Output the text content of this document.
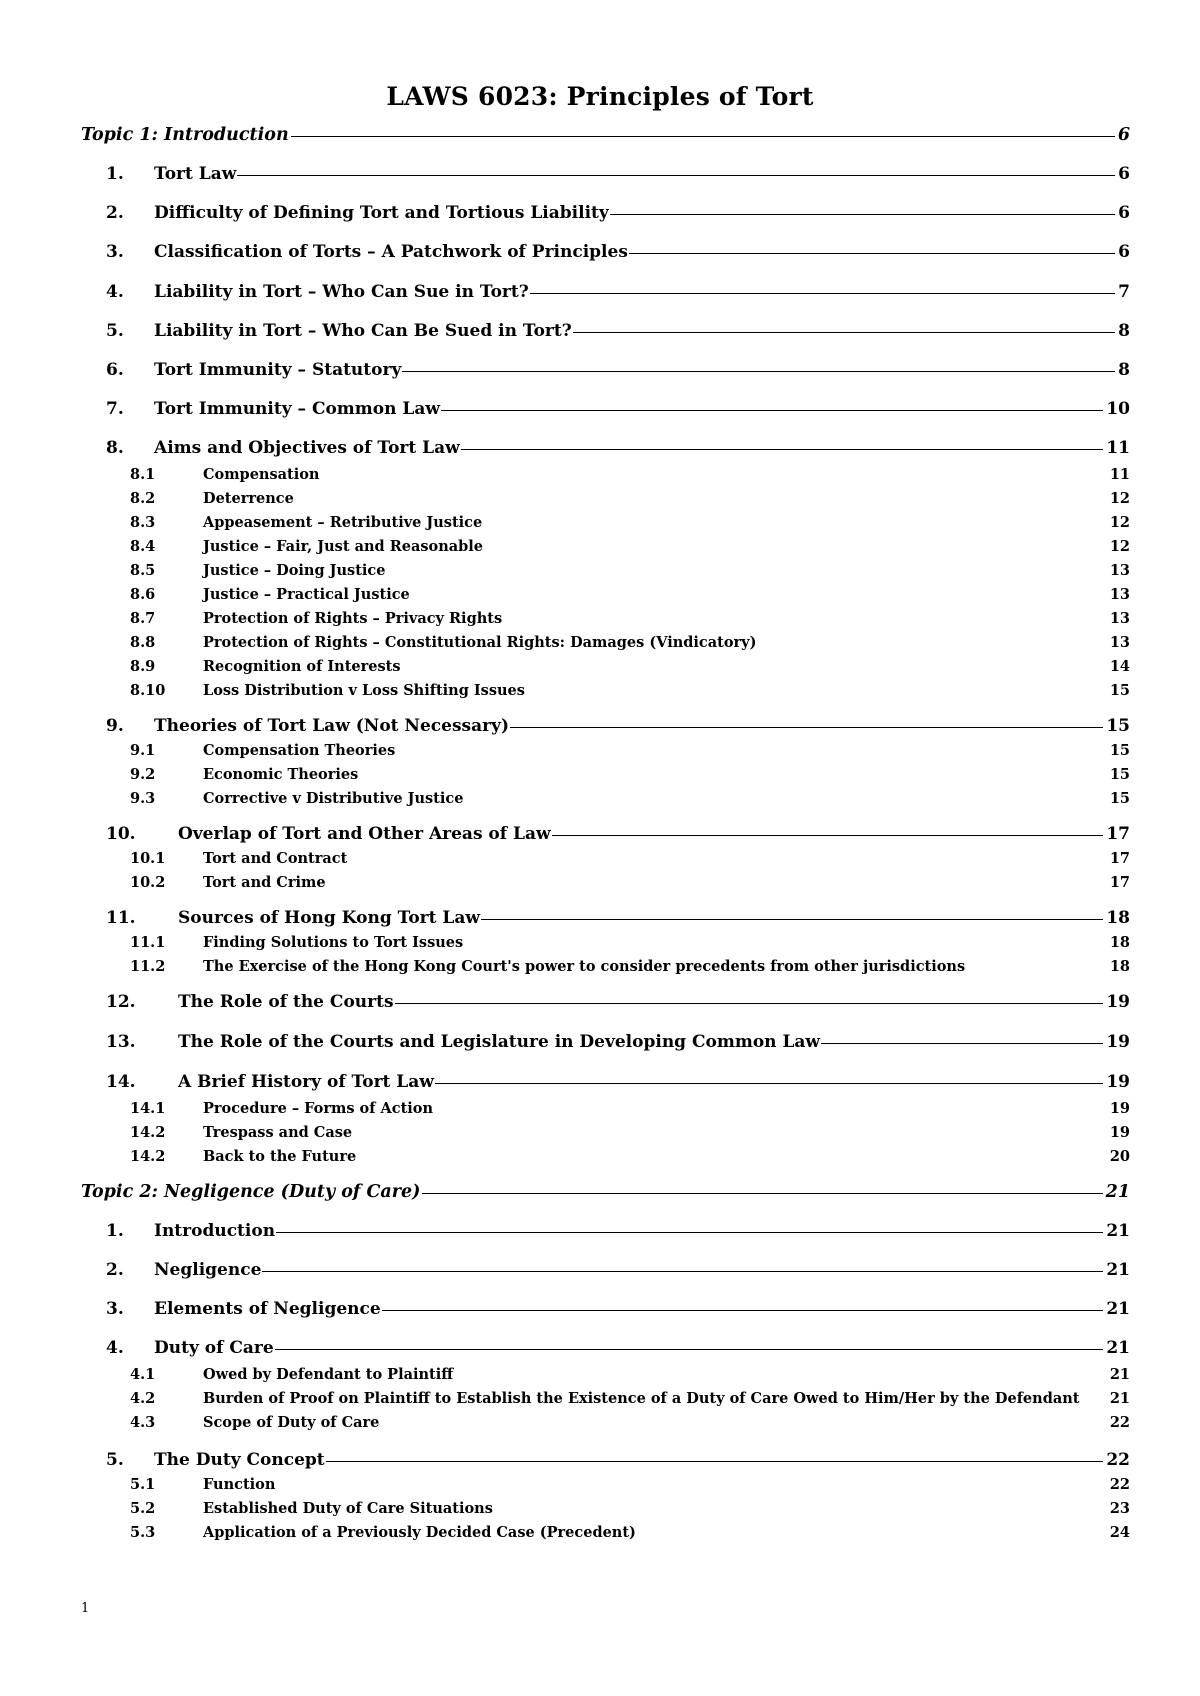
LAWS 6023: Principles of Tort
Topic 1: Introduction	6
1.	Tort Law	6
2.	Difficulty of Defining Tort and Tortious Liability	6
3.	Classification of Torts – A Patchwork of Principles	6
4.	Liability in Tort – Who Can Sue in Tort?	7
5.	Liability in Tort – Who Can Be Sued in Tort?	8
6.	Tort Immunity – Statutory	8
7.	Tort Immunity – Common Law	10
8.	Aims and Objectives of Tort Law	11
8.1	Compensation	11
8.2	Deterrence	12
8.3	Appeasement – Retributive Justice	12
8.4	Justice – Fair, Just and Reasonable	12
8.5	Justice – Doing Justice	13
8.6	Justice – Practical Justice	13
8.7	Protection of Rights – Privacy Rights	13
8.8	Protection of Rights – Constitutional Rights: Damages (Vindicatory)	13
8.9	Recognition of Interests	14
8.10	Loss Distribution v Loss Shifting Issues	15
9.	Theories of Tort Law (Not Necessary)	15
9.1	Compensation Theories	15
9.2	Economic Theories	15
9.3	Corrective v Distributive Justice	15
10.	Overlap of Tort and Other Areas of Law	17
10.1	Tort and Contract	17
10.2	Tort and Crime	17
11.	Sources of Hong Kong Tort Law	18
11.1	Finding Solutions to Tort Issues	18
11.2	The Exercise of the Hong Kong Court's power to consider precedents from other jurisdictions	18
12.	The Role of the Courts	19
13.	The Role of the Courts and Legislature in Developing Common Law	19
14.	A Brief History of Tort Law	19
14.1	Procedure – Forms of Action	19
14.2	Trespass and Case	19
14.2	Back to the Future	20
Topic 2: Negligence (Duty of Care)	21
1.	Introduction	21
2.	Negligence	21
3.	Elements of Negligence	21
4.	Duty of Care	21
4.1	Owed by Defendant to Plaintiff	21
4.2	Burden of Proof on Plaintiff to Establish the Existence of a Duty of Care Owed to Him/Her by the Defendant 21
4.3	Scope of Duty of Care	22
5.	The Duty Concept	22
5.1	Function	22
5.2	Established Duty of Care Situations	23
5.3	Application of a Previously Decided Case (Precedent)	24
1
